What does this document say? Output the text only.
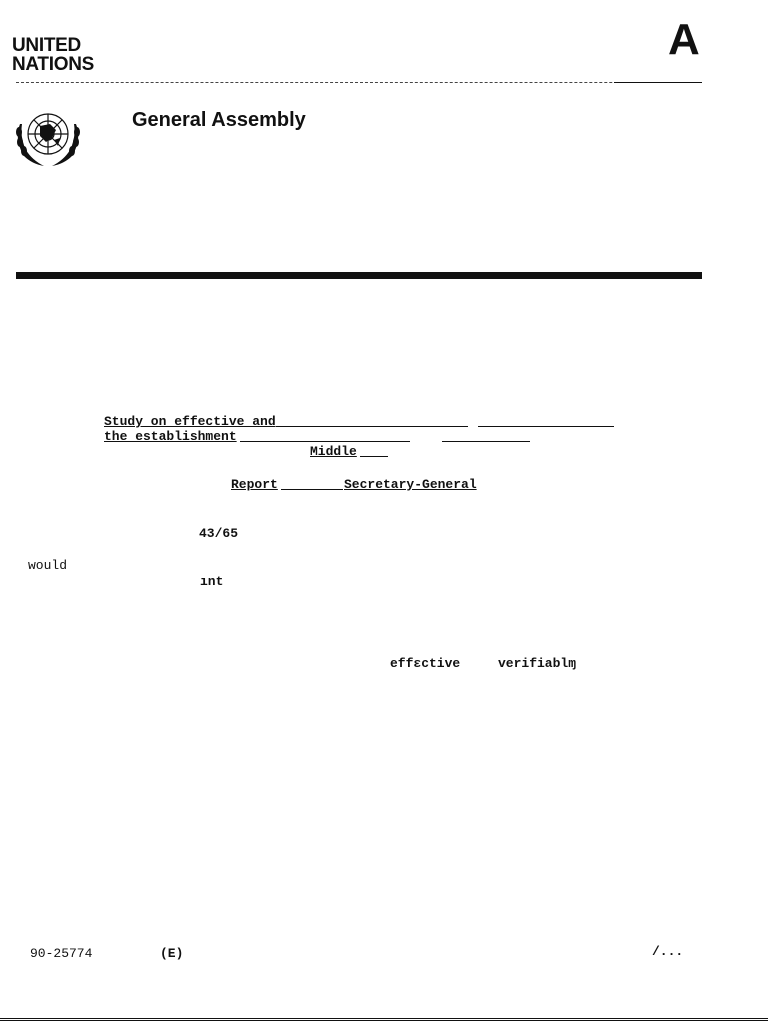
UNITED
NATIONS
A
General Assembly
Study on effective and
the establishment
Middle
Report	Secretary-General
43/65
would
ınt
effεctive	verifiablɱ
90-25774	(E)	/...
